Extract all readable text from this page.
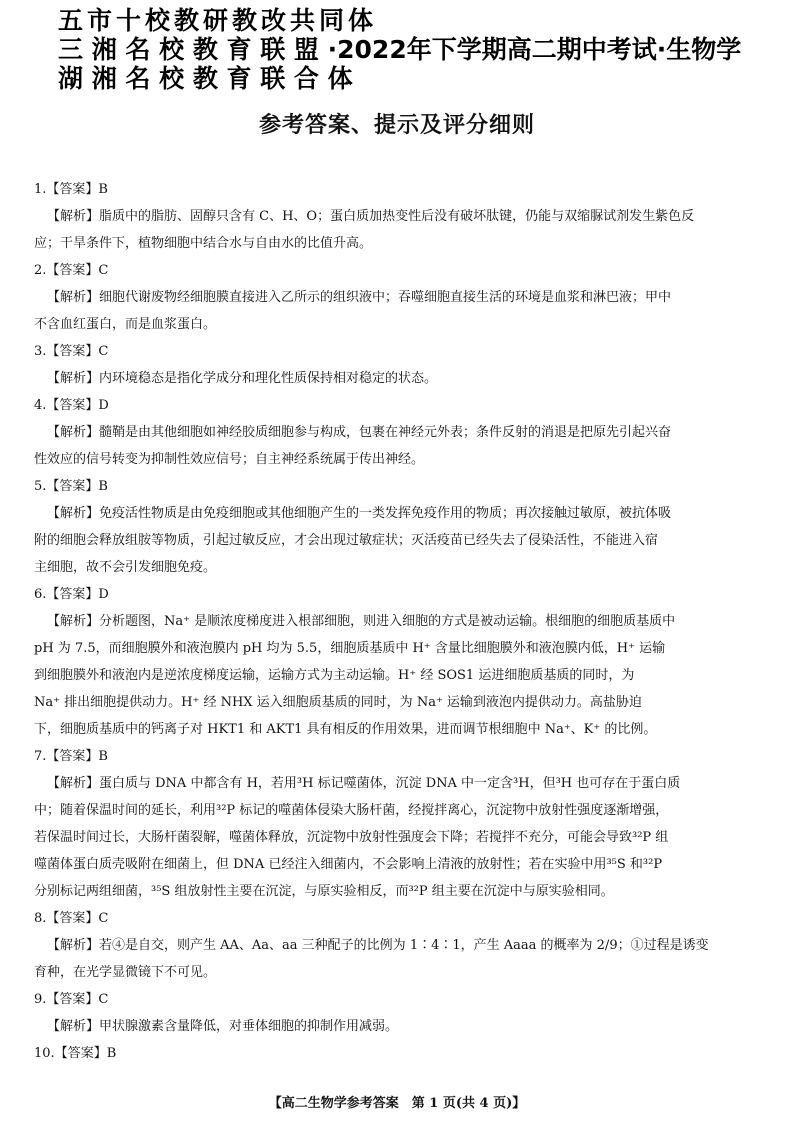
五市十校教研教改共同体
三 湘 名 校 教 育 联 盟 ·2022年下学期高二期中考试·生物学
湖 湘 名 校 教 育 联 合 体
参考答案、提示及评分细则
1.【答案】B
【解析】脂质中的脂肪、固醇只含有 C、H、O；蛋白质加热变性后没有破坏肽键，仍能与双缩脲试剂发生紫色反
应；干旱条件下，植物细胞中结合水与自由水的比值升高。
2.【答案】C
【解析】细胞代谢废物经细胞膜直接进入乙所示的组织液中；吞噬细胞直接生活的环境是血浆和淋巴液；甲中
不含血红蛋白，而是血浆蛋白。
3.【答案】C
【解析】内环境稳态是指化学成分和理化性质保持相对稳定的状态。
4.【答案】D
【解析】髓鞘是由其他细胞如神经胶质细胞参与构成，包裹在神经元外表；条件反射的消退是把原先引起兴奋
性效应的信号转变为抑制性效应信号；自主神经系统属于传出神经。
5.【答案】B
【解析】免疫活性物质是由免疫细胞或其他细胞产生的一类发挥免疫作用的物质；再次接触过敏原，被抗体吸
附的细胞会释放组胺等物质，引起过敏反应，才会出现过敏症状；灭活疫苗已经失去了侵染活性，不能进入宿
主细胞，故不会引发细胞免疫。
6.【答案】D
【解析】分析题图，Na⁺ 是顺浓度梯度进入根部细胞，则进入细胞的方式是被动运输。根细胞的细胞质基质中
pH 为 7.5，而细胞膜外和液泡膜内 pH 均为 5.5，细胞质基质中 H⁺ 含量比细胞膜外和液泡膜内低，H⁺ 运输
到细胞膜外和液泡内是逆浓度梯度运输，运输方式为主动运输。H⁺ 经 SOS1 运进细胞质基质的同时，为
Na⁺ 排出细胞提供动力。H⁺ 经 NHX 运入细胞质基质的同时，为 Na⁺ 运输到液泡内提供动力。高盐胁迫
下，细胞质基质中的钙离子对 HKT1 和 AKT1 具有相反的作用效果，进而调节根细胞中 Na⁺、K⁺ 的比例。
7.【答案】B
【解析】蛋白质与 DNA 中都含有 H，若用³H 标记噬菌体，沉淀 DNA 中一定含³H，但³H 也可存在于蛋白质
中；随着保温时间的延长，利用³²P 标记的噬菌体侵染大肠杆菌，经搅拌离心，沉淀物中放射性强度逐渐增强，
若保温时间过长，大肠杆菌裂解，噬菌体释放，沉淀物中放射性强度会下降；若搅拌不充分，可能会导致³²P 组
噬菌体蛋白质壳吸附在细菌上，但 DNA 已经注入细菌内，不会影响上清液的放射性；若在实验中用³⁵S 和³²P
分别标记两组细菌，³⁵S 组放射性主要在沉淀，与原实验相反，而³²P 组主要在沉淀中与原实验相同。
8.【答案】C
【解析】若④是自交，则产生 AA、Aa、aa 三种配子的比例为 1∶4∶1，产生 Aaaa 的概率为 2/9；①过程是诱变
育种，在光学显微镜下不可见。
9.【答案】C
【解析】甲状腺激素含量降低，对垂体细胞的抑制作用减弱。
10.【答案】B
【高二生物学参考答案　第 1 页(共 4 页)】
